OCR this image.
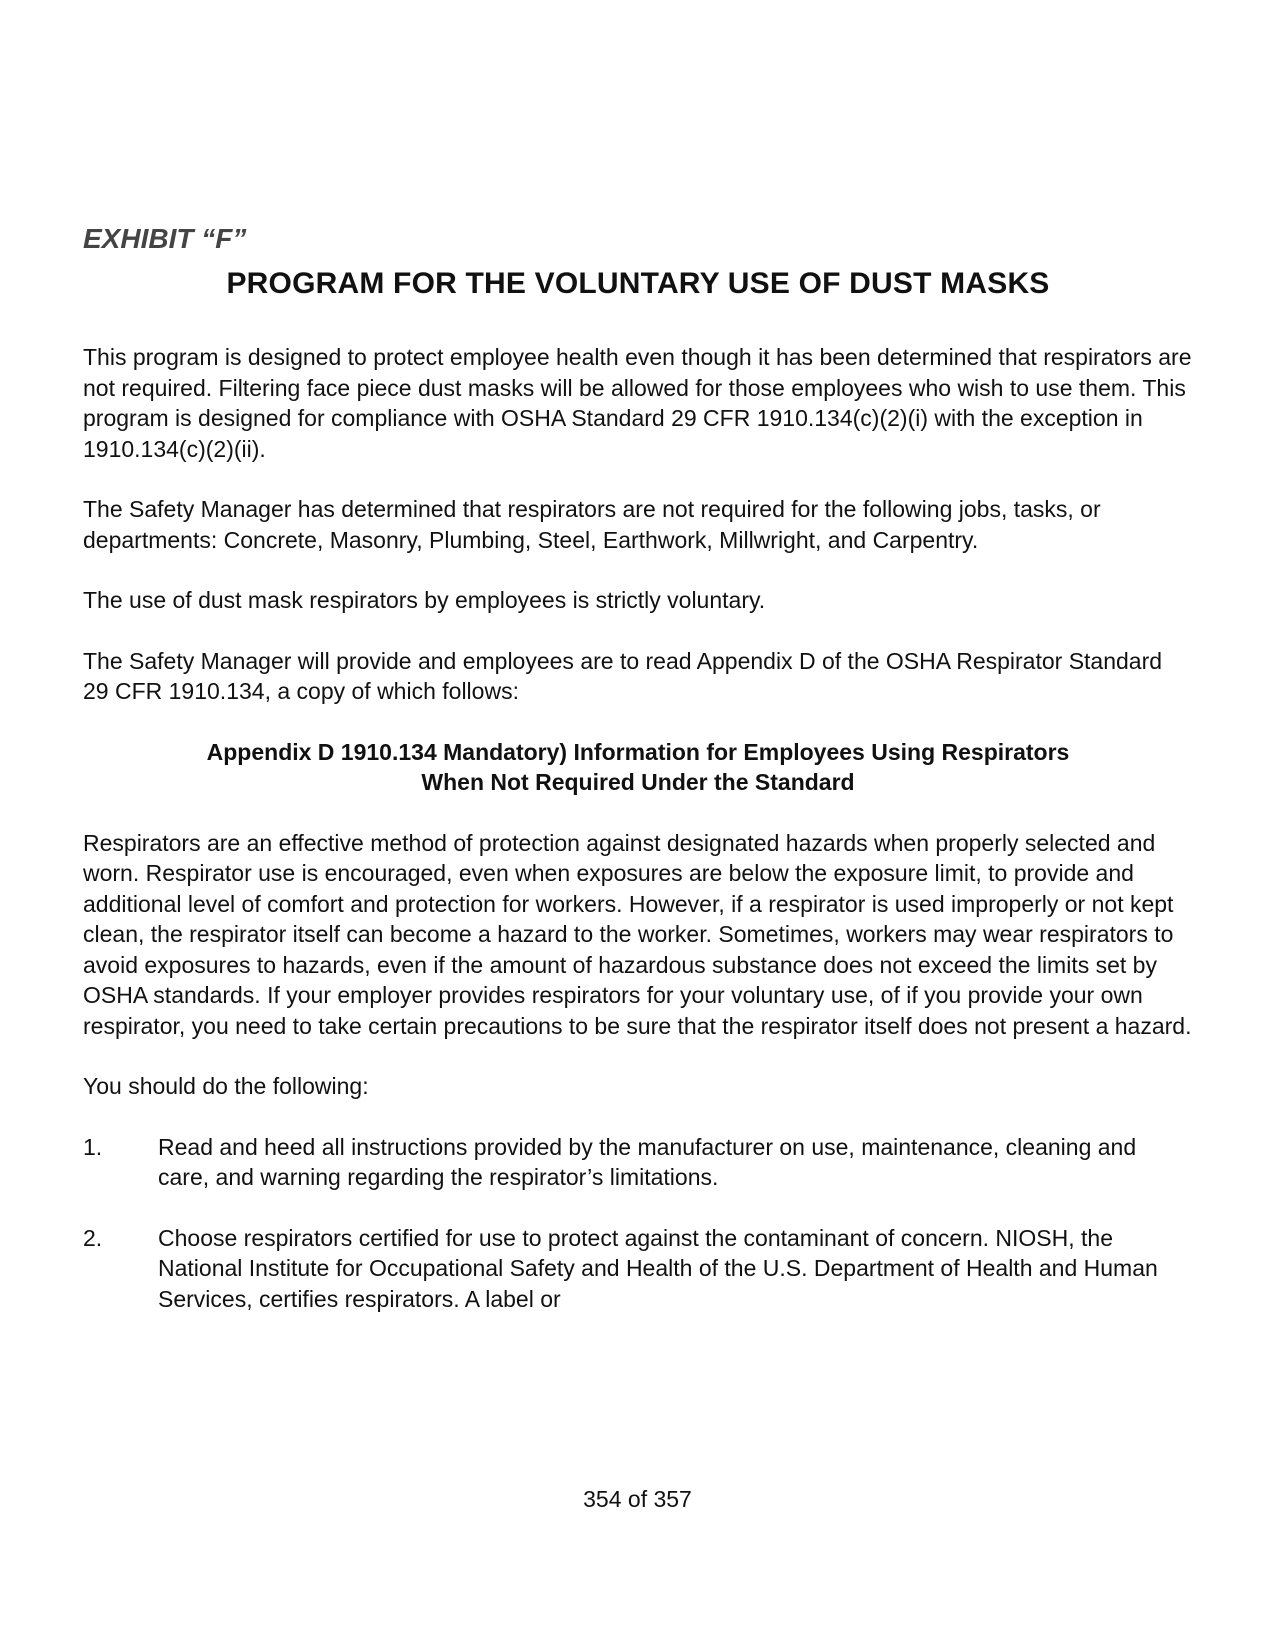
EXHIBIT “F”

PROGRAM FOR THE VOLUNTARY USE OF DUST MASKS

This program is designed to protect employee health even though it has been determined that respirators are not required. Filtering face piece dust masks will be allowed for those employees who wish to use them. This program is designed for compliance with OSHA Standard 29 CFR 1910.134(c)(2)(i) with the exception in 1910.134(c)(2)(ii).

The Safety Manager has determined that respirators are not required for the following jobs, tasks, or departments: Concrete, Masonry, Plumbing, Steel, Earthwork, Millwright, and Carpentry.

The use of dust mask respirators by employees is strictly voluntary.

The Safety Manager will provide and employees are to read Appendix D of the OSHA Respirator Standard 29 CFR 1910.134, a copy of which follows:

Appendix D 1910.134 Mandatory) Information for Employees Using Respirators
When Not Required Under the Standard

Respirators are an effective method of protection against designated hazards when properly selected and worn. Respirator use is encouraged, even when exposures are below the exposure limit, to provide and additional level of comfort and protection for workers. However, if a respirator is used improperly or not kept clean, the respirator itself can become a hazard to the worker. Sometimes, workers may wear respirators to avoid exposures to hazards, even if the amount of hazardous substance does not exceed the limits set by OSHA standards. If your employer provides respirators for your voluntary use, of if you provide your own respirator, you need to take certain precautions to be sure that the respirator itself does not present a hazard.

You should do the following:

1.	Read and heed all instructions provided by the manufacturer on use, maintenance, cleaning and care, and warning regarding the respirator’s limitations.
2.	Choose respirators certified for use to protect against the contaminant of concern. NIOSH, the National Institute for Occupational Safety and Health of the U.S. Department of Health and Human Services, certifies respirators. A label or
354 of 357
